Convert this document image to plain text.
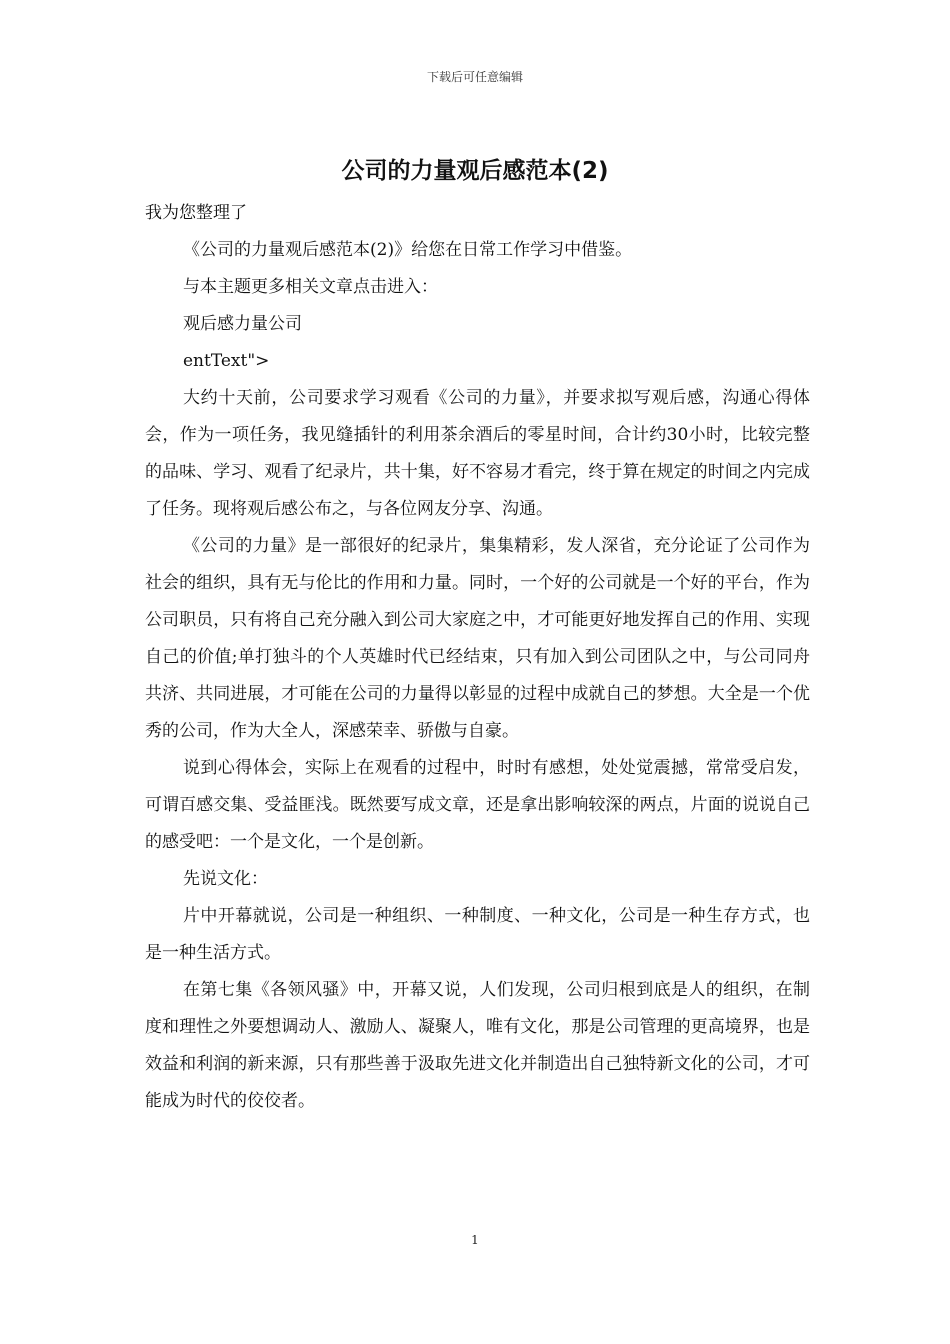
下载后可任意编辑
公司的力量观后感范本(2)

我为您整理了

《公司的力量观后感范本(2)》给您在日常工作学习中借鉴。

与本主题更多相关文章点击进入：

观后感力量公司

entText">

大约十天前，公司要求学习观看《公司的力量》，并要求拟写观后感，沟通心得体会，作为一项任务，我见缝插针的利用茶余酒后的零星时间，合计约30小时，比较完整的品味、学习、观看了纪录片，共十集，好不容易才看完，终于算在规定的时间之内完成了任务。现将观后感公布之，与各位网友分享、沟通。

《公司的力量》是一部很好的纪录片，集集精彩，发人深省，充分论证了公司作为社会的组织，具有无与伦比的作用和力量。同时，一个好的公司就是一个好的平台，作为公司职员，只有将自己充分融入到公司大家庭之中，才可能更好地发挥自己的作用、实现自己的价值;单打独斗的个人英雄时代已经结束，只有加入到公司团队之中，与公司同舟共济、共同进展，才可能在公司的力量得以彰显的过程中成就自己的梦想。大全是一个优秀的公司，作为大全人，深感荣幸、骄傲与自豪。

说到心得体会，实际上在观看的过程中，时时有感想，处处觉震撼，常常受启发，可谓百感交集、受益匪浅。既然要写成文章，还是拿出影响较深的两点，片面的说说自己的感受吧：一个是文化，一个是创新。

先说文化：

片中开幕就说，公司是一种组织、一种制度、一种文化，公司是一种生存方式，也是一种生活方式。

在第七集《各领风骚》中，开幕又说，人们发现，公司归根到底是人的组织，在制度和理性之外要想调动人、激励人、凝聚人，唯有文化，那是公司管理的更高境界，也是效益和利润的新来源，只有那些善于汲取先进文化并制造出自己独特新文化的公司，才可能成为时代的佼佼者。

1
